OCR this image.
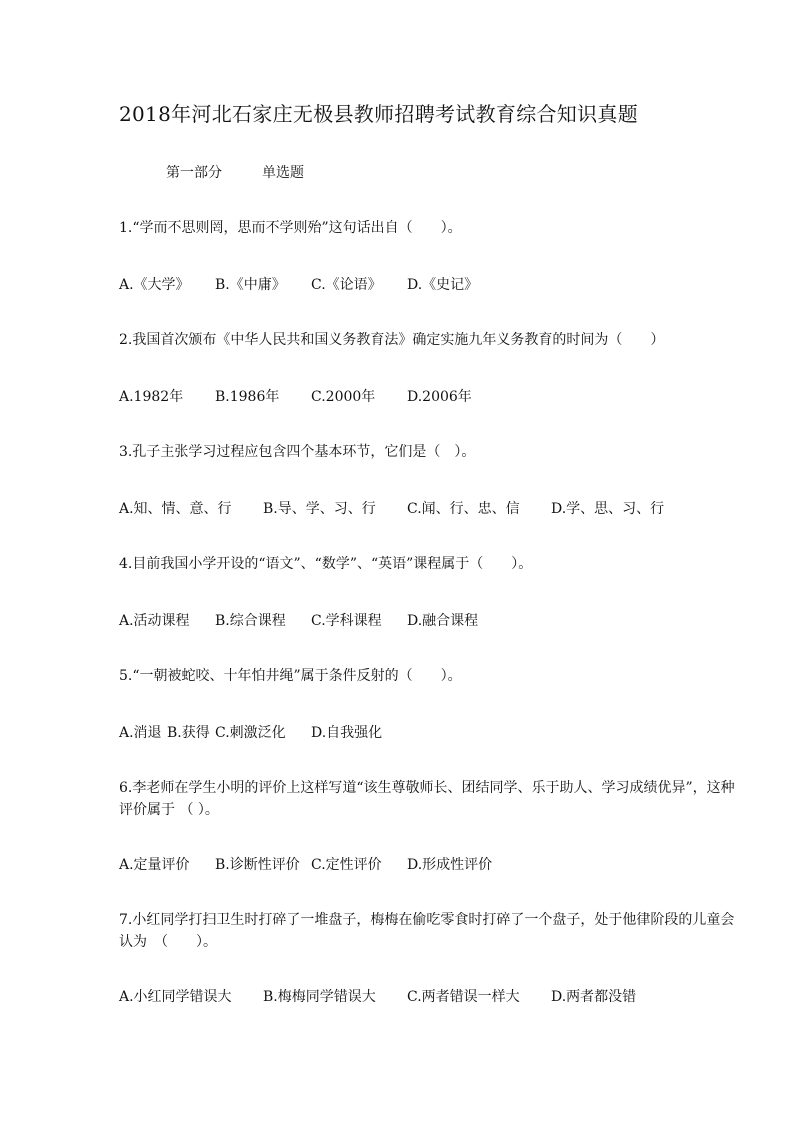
2018年河北石家庄无极县教师招聘考试教育综合知识真题
第一部分	单选题
1.“学而不思则罔，思而不学则殆”这句话出自（　　）。
A.《大学》 B.《中庸》 C.《论语》 D.《史记》
2.我国首次颁布《中华人民共和国义务教育法》确定实施九年义务教育的时间为（　　）
A.1982年 B.1986年 C.2000年 D.2006年
3.孔子主张学习过程应包含四个基本环节，它们是（　）。
A.知、情、意、行 B.导、学、习、行 C.闻、行、忠、信 D.学、思、习、行
4.目前我国小学开设的“语文”、“数学”、“英语”课程属于（　　）。
A.活动课程 B.综合课程 C.学科课程 D.融合课程
5.“一朝被蛇咬、十年怕井绳”属于条件反射的（　　）。
A.消退 B.获得 C.刺激泛化 D.自我强化
6.李老师在学生小明的评价上这样写道“该生尊敬师长、团结同学、乐于助人、学习成绩优异”，这种评价属于 （ ）。
A.定量评价 B.诊断性评价 C.定性评价 D.形成性评价
7.小红同学打扫卫生时打碎了一堆盘子，梅梅在偷吃零食时打碎了一个盘子，处于他律阶段的儿童会认为　（　　）。
A.小红同学错误大 B.梅梅同学错误大 C.两者错误一样大 D.两者都没错
